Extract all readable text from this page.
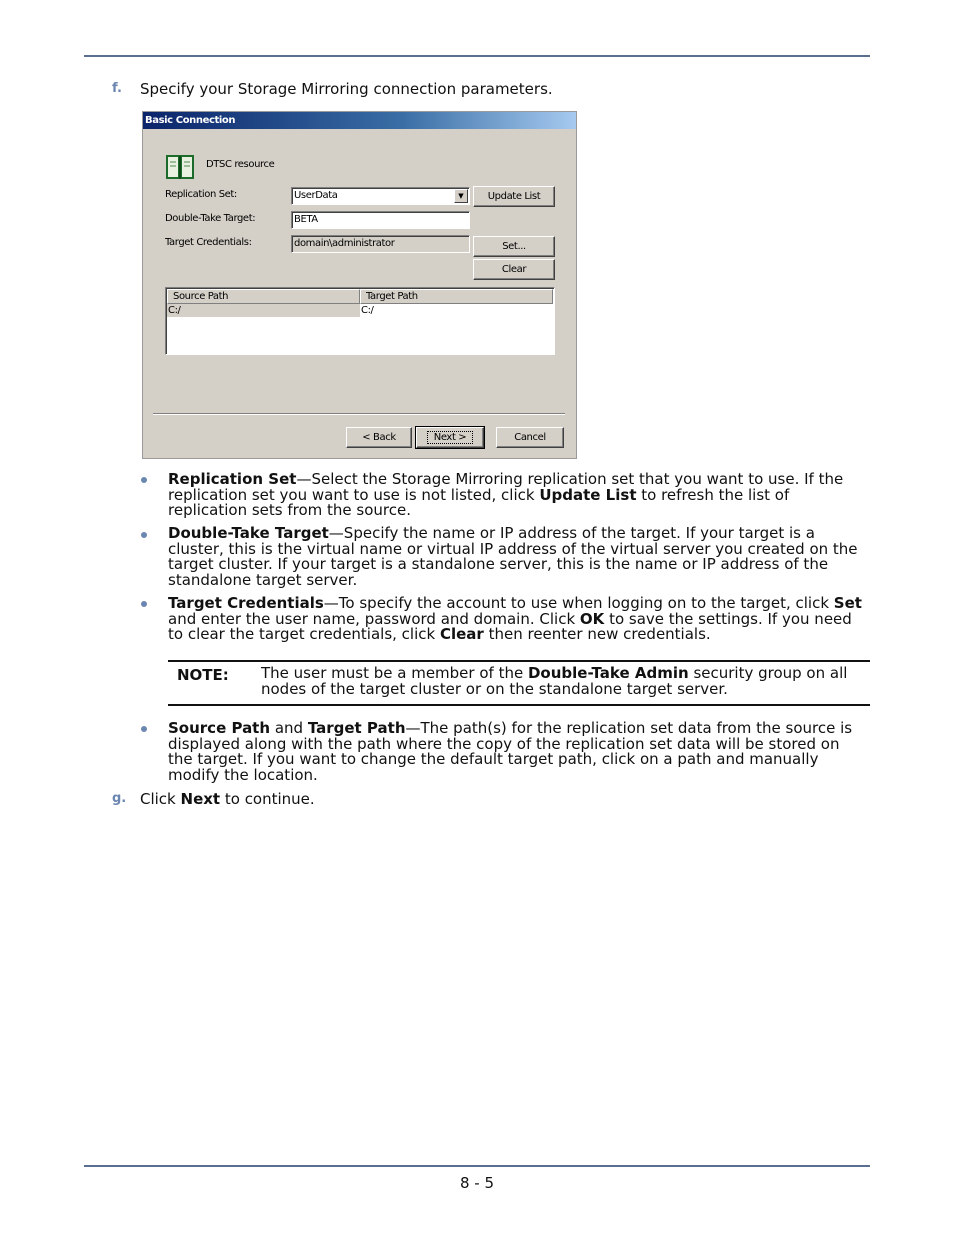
f. Specify your Storage Mirroring connection parameters.
Basic Connection
DTSC resource
Replication Set:	UserData	▼	Update List
Double-Take Target:	BETA
Target Credentials:	domain\administrator	Set...
Clear
Source Path	Target Path
C:/	C:/
< Back	Next >	Cancel
Replication Set—Select the Storage Mirroring replication set that you want to use. If the replication set you want to use is not listed, click Update List to refresh the list of replication sets from the source.
Double-Take Target—Specify the name or IP address of the target. If your target is a cluster, this is the virtual name or virtual IP address of the virtual server you created on the target cluster. If your target is a standalone server, this is the name or IP address of the standalone target server.
Target Credentials—To specify the account to use when logging on to the target, click Set and enter the user name, password and domain. Click OK to save the settings. If you need to clear the target credentials, click Clear then reenter new credentials.
NOTE: The user must be a member of the Double-Take Admin security group on all nodes of the target cluster or on the standalone target server.
Source Path and Target Path—The path(s) for the replication set data from the source is displayed along with the path where the copy of the replication set data will be stored on the target. If you want to change the default target path, click on a path and manually modify the location.
g. Click Next to continue.
8 - 5
